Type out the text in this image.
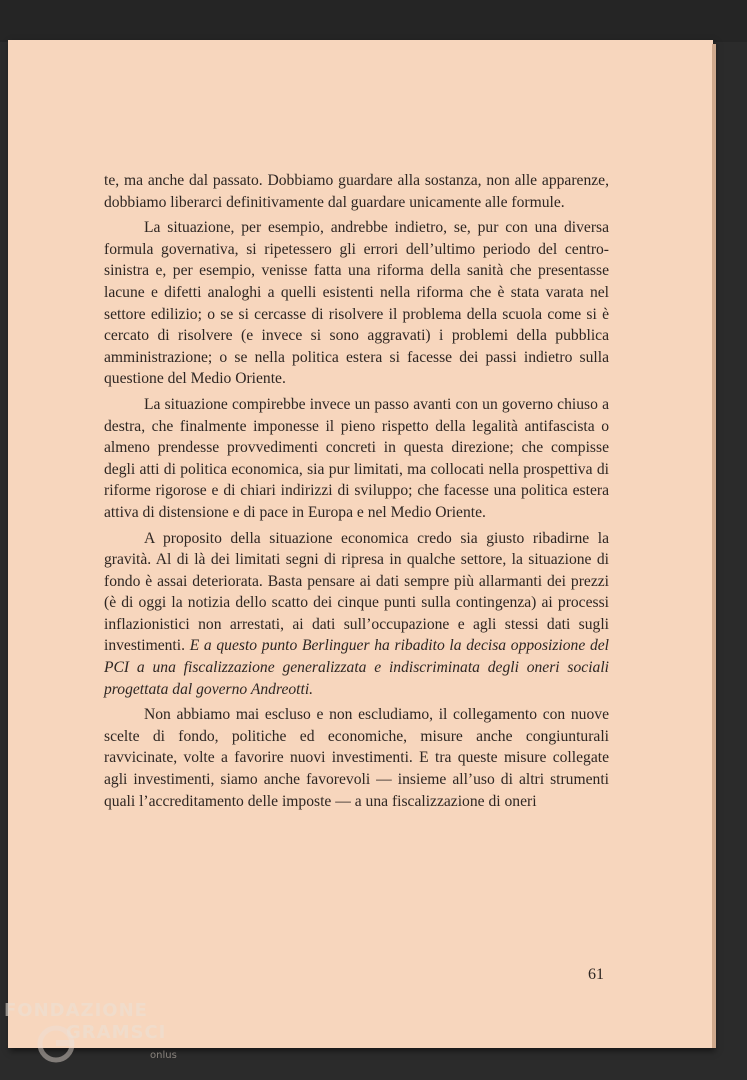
te, ma anche dal passato. Dobbiamo guardare alla sostanza, non alle apparenze, dobbiamo liberarci definitivamente dal guardare unicamente alle formule.

La situazione, per esempio, andrebbe indietro, se, pur con una diversa formula governativa, si ripetessero gli errori dell’ultimo periodo del centro-sinistra e, per esempio, venisse fatta una riforma della sanità che presentasse lacune e difetti analoghi a quelli esistenti nella riforma che è stata varata nel settore edilizio; o se si cercasse di risolvere il problema della scuola come si è cercato di risolvere (e invece si sono aggravati) i problemi della pubblica amministrazione; o se nella politica estera si facesse dei passi indietro sulla questione del Medio Oriente.

La situazione compirebbe invece un passo avanti con un governo chiuso a destra, che finalmente imponesse il pieno rispetto della legalità antifascista o almeno prendesse provvedimenti concreti in questa direzione; che compisse degli atti di politica economica, sia pur limitati, ma collocati nella prospettiva di riforme rigorose e di chiari indirizzi di sviluppo; che facesse una politica estera attiva di distensione e di pace in Europa e nel Medio Oriente.

A proposito della situazione economica credo sia giusto ribadirne la gravità. Al di là dei limitati segni di ripresa in qualche settore, la situazione di fondo è assai deteriorata. Basta pensare ai dati sempre più allarmanti dei prezzi (è di oggi la notizia dello scatto dei cinque punti sulla contingenza) ai processi inflazionistici non arrestati, ai dati sull’occupazione e agli stessi dati sugli investimenti. E a questo punto Berlinguer ha ribadito la decisa opposizione del PCI a una fiscalizzazione generalizzata e indiscriminata degli oneri sociali progettata dal governo Andreotti.

Non abbiamo mai escluso e non escludiamo, il collegamento con nuove scelte di fondo, politiche ed economiche, misure anche congiunturali ravvicinate, volte a favorire nuovi investimenti. E tra queste misure collegate agli investimenti, siamo anche favorevoli — insieme all’uso di altri strumenti quali l’accreditamento delle imposte — a una fiscalizzazione di oneri

61
FONDAZIONE
GRAMSCI
onlus
